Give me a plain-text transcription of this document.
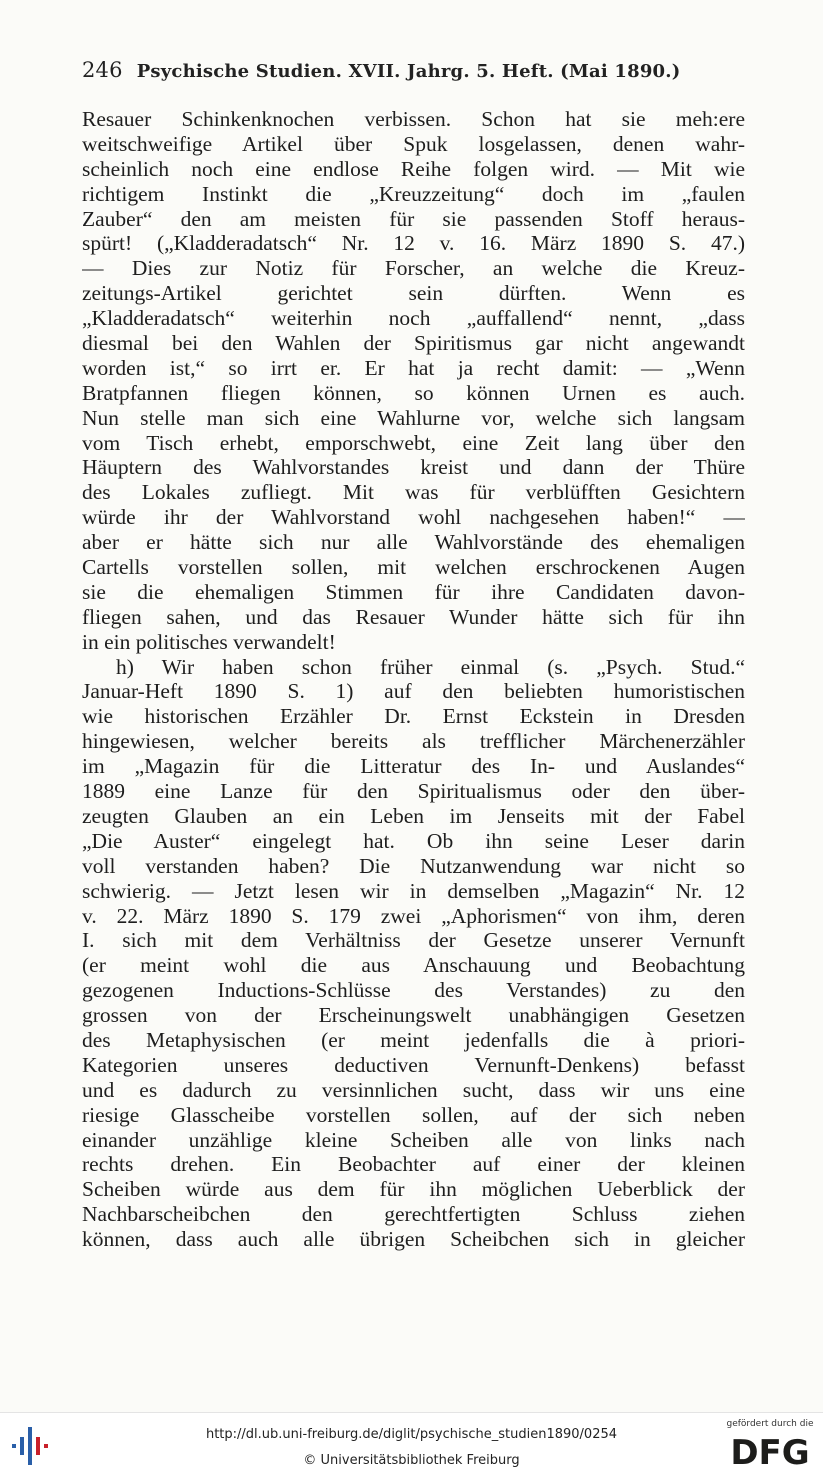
246 Psychische Studien. XVII. Jahrg. 5. Heft. (Mai 1890.)
Resauer Schinkenknochen verbissen. Schon hat sie meh:ere
weitschweifige Artikel über Spuk losgelassen, denen wahr-
scheinlich noch eine endlose Reihe folgen wird. — Mit wie
richtigem Instinkt die „Kreuzzeitung“ doch im „faulen
Zauber“ den am meisten für sie passenden Stoff heraus-
spürt! („Kladderadatsch“ Nr. 12 v. 16. März 1890 S. 47.)
— Dies zur Notiz für Forscher, an welche die Kreuz-
zeitungs-Artikel gerichtet sein dürften. Wenn es
„Kladderadatsch“ weiterhin noch „auffallend“ nennt, „dass
diesmal bei den Wahlen der Spiritismus gar nicht angewandt
worden ist,“ so irrt er. Er hat ja recht damit: — „Wenn
Bratpfannen fliegen können, so können Urnen es auch.
Nun stelle man sich eine Wahlurne vor, welche sich langsam
vom Tisch erhebt, emporschwebt, eine Zeit lang über den
Häuptern des Wahlvorstandes kreist und dann der Thüre
des Lokales zufliegt. Mit was für verblüfften Gesichtern
würde ihr der Wahlvorstand wohl nachgesehen haben!“ —
aber er hätte sich nur alle Wahlvorstände des ehemaligen
Cartells vorstellen sollen, mit welchen erschrockenen Augen
sie die ehemaligen Stimmen für ihre Candidaten davon-
fliegen sahen, und das Resauer Wunder hätte sich für ihn
in ein politisches verwandelt!
h) Wir haben schon früher einmal (s. „Psych. Stud.“
Januar-Heft 1890 S. 1) auf den beliebten humoristischen
wie historischen Erzähler Dr. Ernst Eckstein in Dresden
hingewiesen, welcher bereits als trefflicher Märchenerzähler
im „Magazin für die Litteratur des In- und Auslandes“
1889 eine Lanze für den Spiritualismus oder den über-
zeugten Glauben an ein Leben im Jenseits mit der Fabel
„Die Auster“ eingelegt hat. Ob ihn seine Leser darin
voll verstanden haben? Die Nutzanwendung war nicht so
schwierig. — Jetzt lesen wir in demselben „Magazin“ Nr. 12
v. 22. März 1890 S. 179 zwei „Aphorismen“ von ihm, deren
I. sich mit dem Verhältniss der Gesetze unserer Vernunft
(er meint wohl die aus Anschauung und Beobachtung
gezogenen Inductions-Schlüsse des Verstandes) zu den
grossen von der Erscheinungswelt unabhängigen Gesetzen
des Metaphysischen (er meint jedenfalls die à priori-
Kategorien unseres deductiven Vernunft-Denkens) befasst
und es dadurch zu versinnlichen sucht, dass wir uns eine
riesige Glasscheibe vorstellen sollen, auf der sich neben
einander unzählige kleine Scheiben alle von links nach
rechts drehen. Ein Beobachter auf einer der kleinen
Scheiben würde aus dem für ihn möglichen Ueberblick der
Nachbarscheibchen den gerechtfertigten Schluss ziehen
können, dass auch alle übrigen Scheibchen sich in gleicher
http://dl.ub.uni-freiburg.de/diglit/psychische_studien1890/0254
© Universitätsbibliothek Freiburg
gefördert durch die
DFG
